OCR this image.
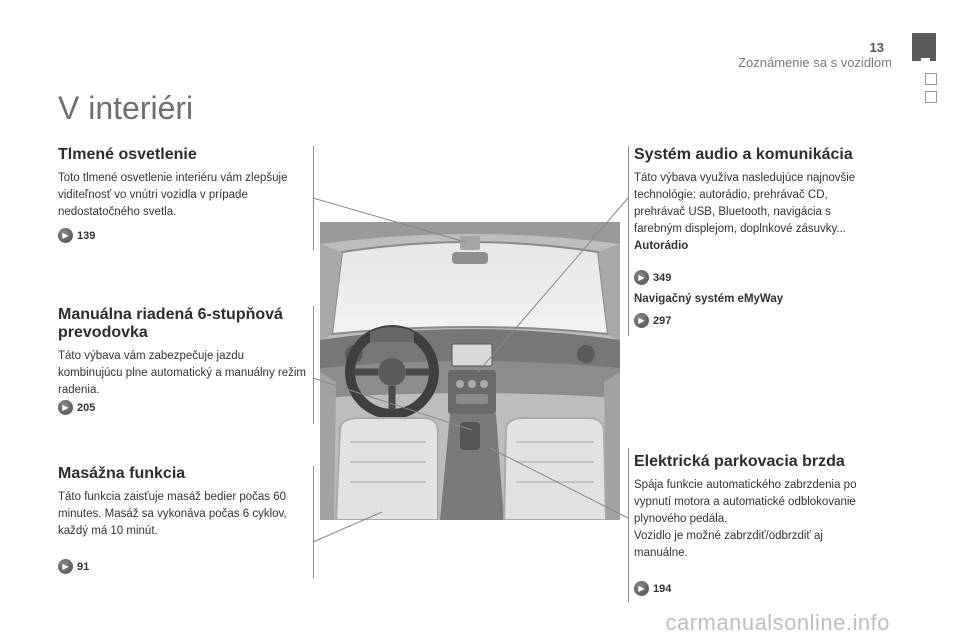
13
Zoznámenie sa s vozidlom
V interiéri
Tlmené osvetlenie
Toto tlmené osvetlenie interiéru vám zlepšuje viditeľnosť vo vnútri vozidla v prípade nedostatočného svetla.
▶ 139
Manuálna riadená 6-stupňová prevodovka
Táto výbava vám zabezpečuje jazdu kombinujúcu plne automatický a manuálny režim radenia.
▶ 205
Masážna funkcia
Táto funkcia zaisťuje masáž bedier počas 60 minutes. Masáž sa vykonáva počas 6 cyklov, každý má 10 minút.
▶ 91
Systém audio a komunikácia
Táto výbava využíva nasledujúce najnovšie technológie: autorádio, prehrávač CD, prehrávač USB, Bluetooth, navigácia s farebným displejom, doplnkové zásuvky...
Autorádio
▶ 349
Navigačný systém eMyWay
▶ 297
Elektrická parkovacia brzda
Spája funkcie automatického zabrzdenia po vypnutí motora a automatické odblokovanie plynového pedála.
Vozidlo je možné zabrzdiť/odbrzdiť aj manuálne.
▶ 194
carmanualsonline.info
